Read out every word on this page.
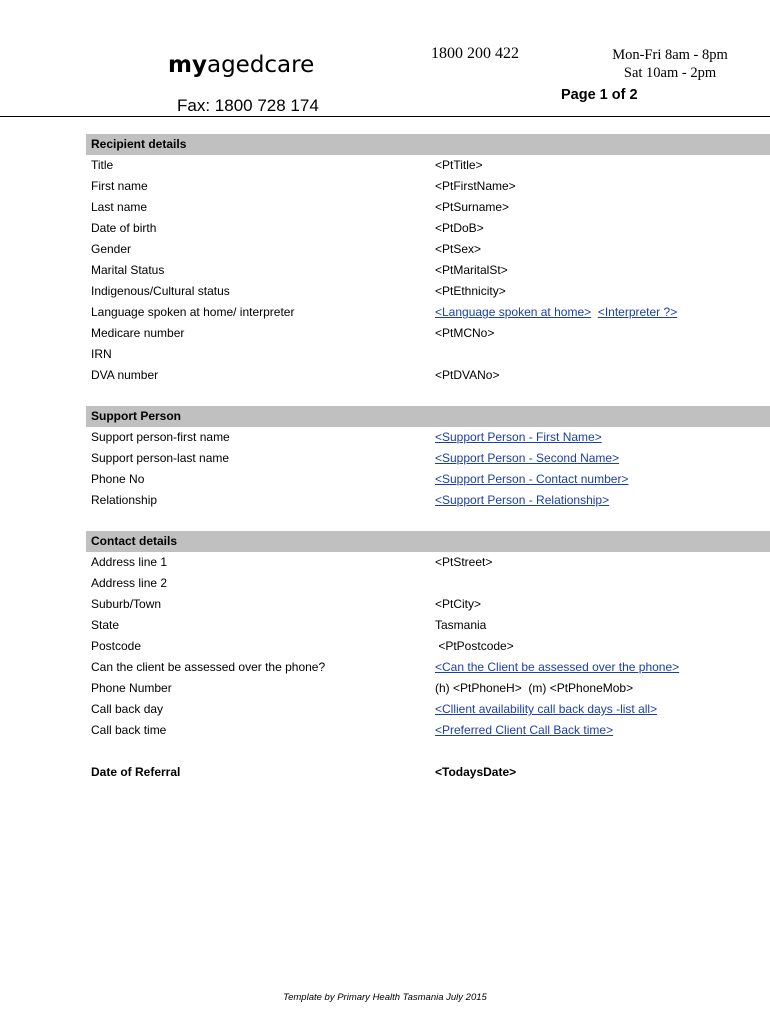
myagedcare	1800 200 422	Mon-Fri 8am - 8pm
Sat 10am - 2pm
Page 1 of 2
Fax: 1800 728 174
Recipient details
Title	<PtTitle>
First name	<PtFirstName>
Last name	<PtSurname>
Date of birth	<PtDoB>
Gender	<PtSex>
Marital Status	<PtMaritalSt>
Indigenous/Cultural status	<PtEthnicity>
Language spoken at home/ interpreter	<Language spoken at home> <Interpreter ?>
Medicare number	<PtMCNo>
IRN
DVA number	<PtDVANo>
Support Person
Support person-first name	<Support Person - First Name>
Support person-last name	<Support Person - Second Name>
Phone No	<Support Person - Contact number>
Relationship	<Support Person - Relationship>
Contact details
Address line 1	<PtStreet>
Address line 2
Suburb/Town	<PtCity>
State	Tasmania
Postcode	<PtPostcode>
Can the client be assessed over the phone?	<Can the Client be assessed over the phone>
Phone Number	(h) <PtPhoneH>  (m) <PtPhoneMob>
Call back day	<Cllient availability call back days -list all>
Call back time	<Preferred Client Call Back time>
Date of Referral	<TodaysDate>
Template by Primary Health Tasmania July 2015
